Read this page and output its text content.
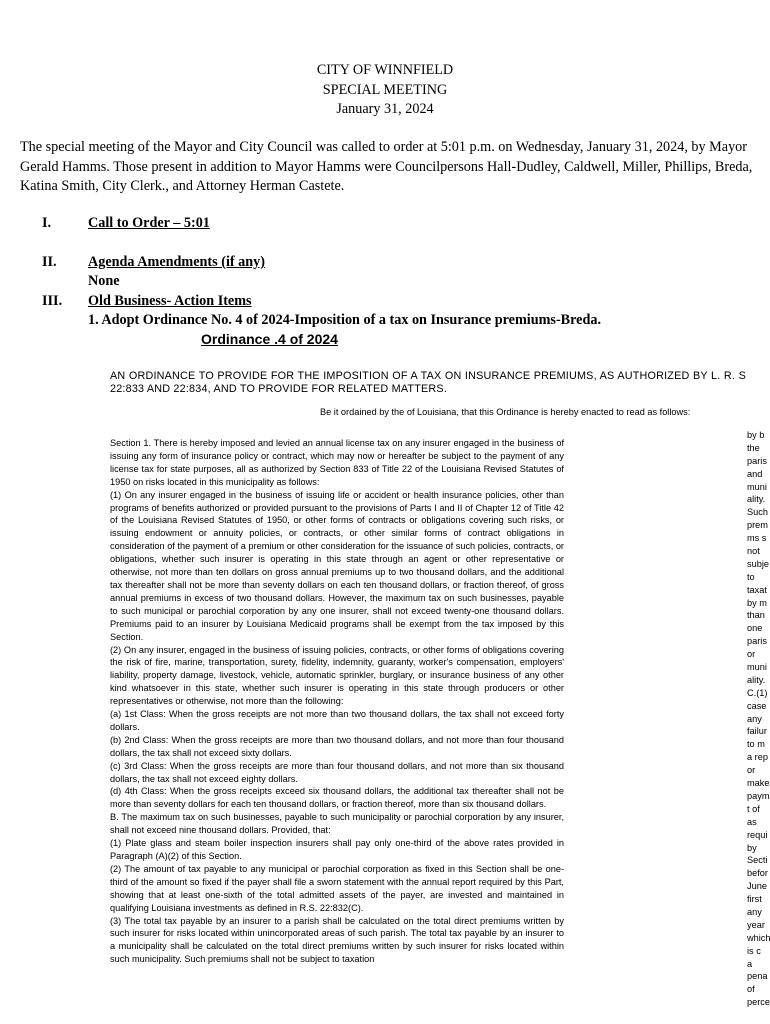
CITY OF WINNFIELD
SPECIAL MEETING
January 31, 2024
The special meeting of the Mayor and City Council was called to order at 5:01 p.m. on Wednesday, January 31, 2024, by Mayor Gerald Hamms. Those present in addition to Mayor Hamms were Councilpersons Hall-Dudley, Caldwell, Miller, Phillips, Breda, Katina Smith, City Clerk., and Attorney Herman Castete.
I.	Call to Order – 5:01
II. Agenda Amendments (if any)
None
III. Old Business- Action Items
1. Adopt Ordinance No. 4 of 2024-Imposition of a tax on Insurance premiums-Breda.
Ordinance .4 of 2024
AN ORDINANCE TO PROVIDE FOR THE IMPOSITION OF A TAX ON INSURANCE PREMIUMS, AS AUTHORIZED BY L. R. S 22:833 AND 22:834, AND TO PROVIDE FOR RELATED MATTERS.
Be it ordained by the of Louisiana, that this Ordinance is hereby enacted to read as follows:

Section 1. There is hereby imposed and levied an annual license tax on any insurer engaged in the business of issuing any form of insurance policy or contract, which may now or hereafter be subject to the payment of any license tax for state purposes, all as authorized by Section 833 of Title 22 of the Louisiana Revised Statutes of 1950 on risks located in this municipality as follows:

(1) On any insurer engaged in the business of issuing life or accident or health insurance policies, other than programs of benefits authorized or provided pursuant to the provisions of Parts I and II of Chapter 12 of Title 42 of the Louisiana Revised Statutes of 1950, or other forms of contracts or obligations covering such risks, or issuing endowment or annuity policies, or contracts, or other similar forms of contract obligations in consideration of the payment of a premium or other consideration for the issuance of such policies, contracts, or obligations, whether such insurer is operating in this state through an agent or other representative or otherwise, not more than ten dollars on gross annual premiums up to two thousand dollars, and the additional tax thereafter shall not be more than seventy dollars on each ten thousand dollars, or fraction thereof, of gross annual premiums in excess of two thousand dollars. However, the maximum tax on such businesses, payable to such municipal or parochial corporation by any one insurer, shall not exceed twenty-one thousand dollars. Premiums paid to an insurer by Louisiana Medicaid programs shall be exempt from the tax imposed by this Section.

(2) On any insurer, engaged in the business of issuing policies, contracts, or other forms of obligations covering the risk of fire, marine, transportation, surety, fidelity, indemnity, guaranty, worker's compensation, employers' liability, property damage, livestock, vehicle, automatic sprinkler, burglary, or insurance business of any other kind whatsoever in this state, whether such insurer is operating in this state through producers or other representatives or otherwise, not more than the following:

(a) 1st Class: When the gross receipts are not more than two thousand dollars, the tax shall not exceed forty dollars.

(b) 2nd Class: When the gross receipts are more than two thousand dollars, and not more than four thousand dollars, the tax shall not exceed sixty dollars.

(c) 3rd Class: When the gross receipts are more than four thousand dollars, and not more than six thousand dollars, the tax shall not exceed eighty dollars.

(d) 4th Class: When the gross receipts exceed six thousand dollars, the additional tax thereafter shall not be more than seventy dollars for each ten thousand dollars, or fraction thereof, more than six thousand dollars.

B. The maximum tax on such businesses, payable to such municipality or parochial corporation by any insurer, shall not exceed nine thousand dollars. Provided, that:

(1) Plate glass and steam boiler inspection insurers shall pay only one-third of the above rates provided in Paragraph (A)(2) of this Section.

(2) The amount of tax payable to any municipal or parochial corporation as fixed in this Section shall be one-third of the amount so fixed if the payer shall file a sworn statement with the annual report required by this Part, showing that at least one-sixth of the total admitted assets of the payer, are invested and maintained in qualifying Louisiana investments as defined in R.S. 22:832(C).

(3) The total tax payable by an insurer to a parish shall be calculated on the total direct premiums written by such insurer for risks located within unincorporated areas of such parish. The total tax payable by an insurer to a municipality shall be calculated on the total direct premiums written by such insurer for risks located within such municipality. Such premiums shall not be subject to taxation

by b
the
paris
and
muni
ality.
Such
prem
ms s
not
subje
to
taxat
by m
than
one
paris
or
muni
ality.
C.(1)
case
any
failur
to m
a rep
or
make
paym
t of
as
requi
by
Secti
befor
June
first
any
year
which
is c
a
pena
of
perce
